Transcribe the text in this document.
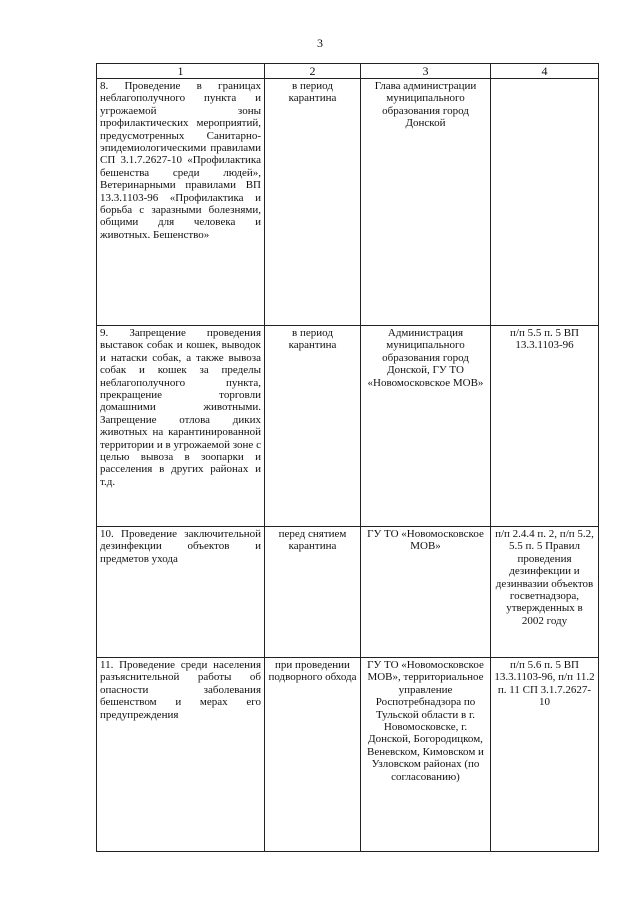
3
1	2	3	4
8. Проведение в границах неблагополучного пункта и угрожаемой зоны профилактических мероприятий, предусмотренных Санитарно-эпидемиологическими правилами СП 3.1.7.2627-10 «Профилактика бешенства среди людей», Ветеринарными правилами ВП 13.3.1103-96 «Профилактика и борьба с заразными болезнями, общими для человека и животных. Бешенство»	в период карантина	Глава администрации муниципального образования город Донской	
9. Запрещение проведения выставок собак и кошек, выводок и натаски собак, а также вывоза собак и кошек за пределы неблагополучного пункта, прекращение торговли домашними животными. Запрещение отлова диких животных на карантинированной территории и в угрожаемой зоне с целью вывоза в зоопарки и расселения в других районах и т.д.	в период карантина	Администрация муниципального образования город Донской, ГУ ТО «Новомосковское МОВ»	п/п 5.5 п. 5 ВП 13.3.1103-96
10. Проведение заключительной дезинфекции объектов и предметов ухода	перед снятием карантина	ГУ ТО «Новомосковское МОВ»	п/п 2.4.4 п. 2, п/п 5.2, 5.5 п. 5 Правил проведения дезинфекции и дезинвазии объектов госветнадзора, утвержденных в 2002 году
11. Проведение среди населения разъяснительной работы об опасности заболевания бешенством и мерах его предупреждения	при проведении подворного обхода	ГУ ТО «Новомосковское МОВ», территориальное управление Роспотребнадзора по Тульской области в г. Новомосковске, г. Донской, Богородицком, Веневском, Кимовском и Узловском районах (по согласованию)	п/п 5.6 п. 5 ВП 13.3.1103-96, п/п 11.2 п. 11 СП 3.1.7.2627-10
